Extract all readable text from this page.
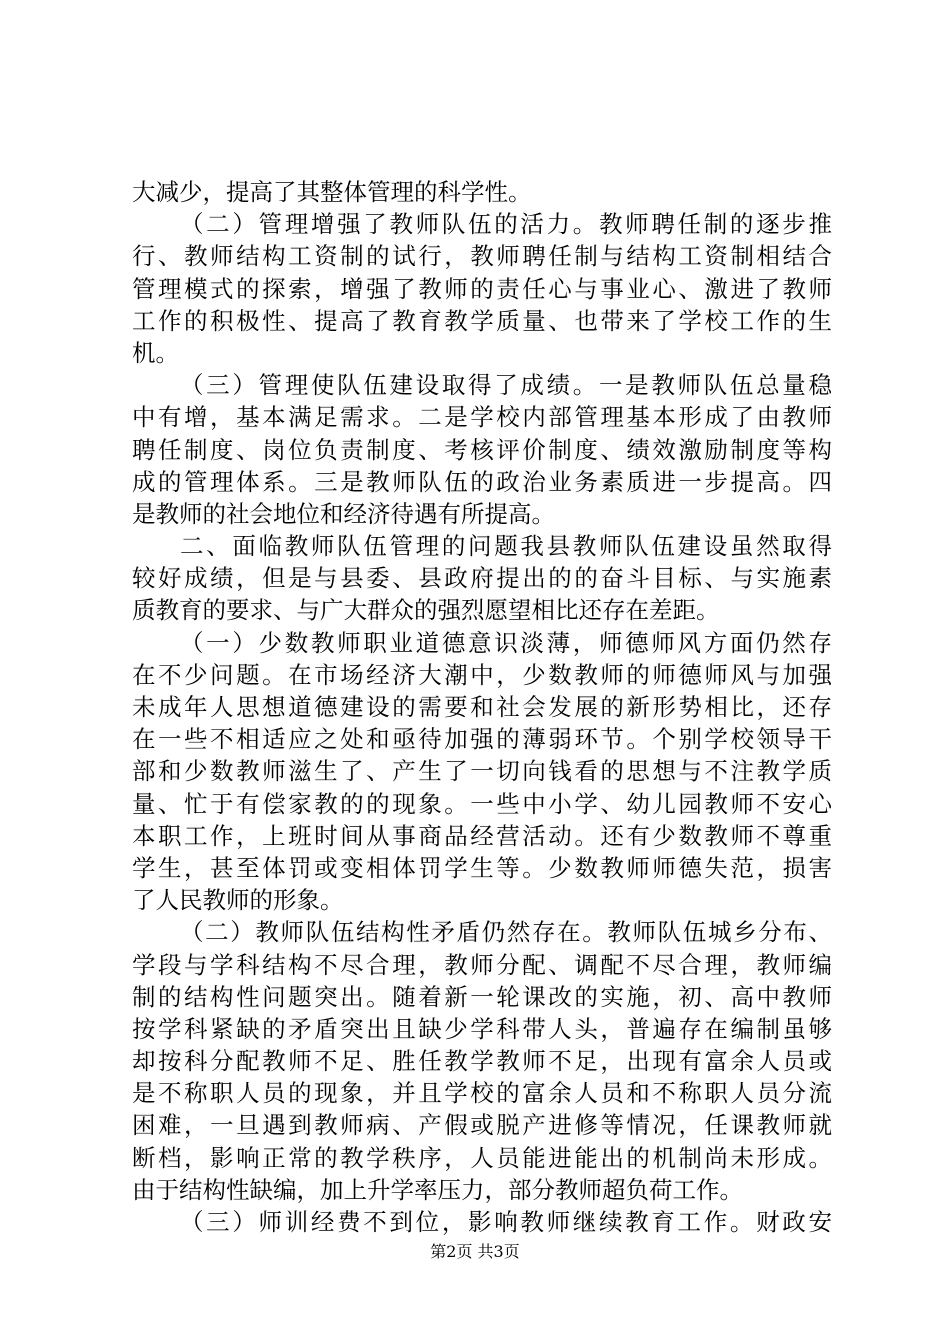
大减少，提高了其整体管理的科学性。
（二）管理增强了教师队伍的活力。教师聘任制的逐步推
行、教师结构工资制的试行，教师聘任制与结构工资制相结合
管理模式的探索，增强了教师的责任心与事业心、激进了教师
工作的积极性、提高了教育教学质量、也带来了学校工作的生
机。
（三）管理使队伍建设取得了成绩。一是教师队伍总量稳
中有增，基本满足需求。二是学校内部管理基本形成了由教师
聘任制度、岗位负责制度、考核评价制度、绩效激励制度等构
成的管理体系。三是教师队伍的政治业务素质进一步提高。四
是教师的社会地位和经济待遇有所提高。
二、面临教师队伍管理的问题我县教师队伍建设虽然取得
较好成绩，但是与县委、县政府提出的的奋斗目标、与实施素
质教育的要求、与广大群众的强烈愿望相比还存在差距。
（一）少数教师职业道德意识淡薄，师德师风方面仍然存
在不少问题。在市场经济大潮中，少数教师的师德师风与加强
未成年人思想道德建设的需要和社会发展的新形势相比，还存
在一些不相适应之处和亟待加强的薄弱环节。个别学校领导干
部和少数教师滋生了、产生了一切向钱看的思想与不注教学质
量、忙于有偿家教的的现象。一些中小学、幼儿园教师不安心
本职工作，上班时间从事商品经营活动。还有少数教师不尊重
学生，甚至体罚或变相体罚学生等。少数教师师德失范，损害
了人民教师的形象。
（二）教师队伍结构性矛盾仍然存在。教师队伍城乡分布、
学段与学科结构不尽合理，教师分配、调配不尽合理，教师编
制的结构性问题突出。随着新一轮课改的实施，初、高中教师
按学科紧缺的矛盾突出且缺少学科带人头，普遍存在编制虽够
却按科分配教师不足、胜任教学教师不足，出现有富余人员或
是不称职人员的现象，并且学校的富余人员和不称职人员分流
困难，一旦遇到教师病、产假或脱产进修等情况，任课教师就
断档，影响正常的教学秩序，人员能进能出的机制尚未形成。
由于结构性缺编，加上升学率压力，部分教师超负荷工作。
（三）师训经费不到位，影响教师继续教育工作。财政安
第2页 共3页
